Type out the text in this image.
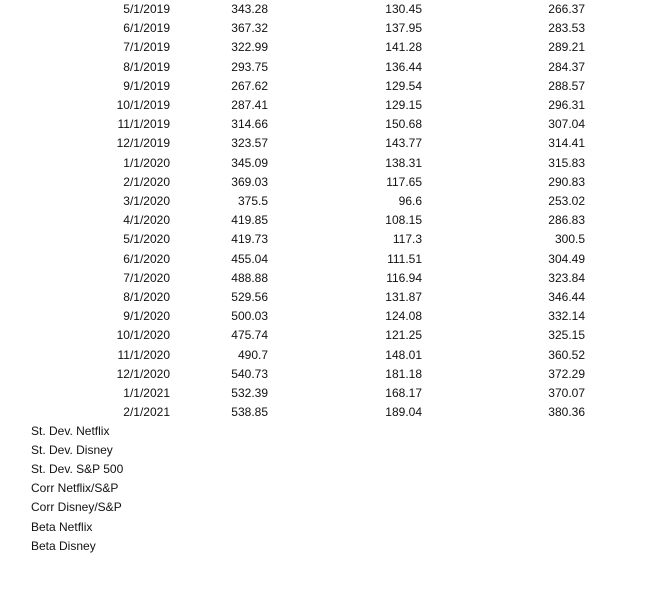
5/1/2019	343.28	130.45	266.37
6/1/2019	367.32	137.95	283.53
7/1/2019	322.99	141.28	289.21
8/1/2019	293.75	136.44	284.37
9/1/2019	267.62	129.54	288.57
10/1/2019	287.41	129.15	296.31
11/1/2019	314.66	150.68	307.04
12/1/2019	323.57	143.77	314.41
1/1/2020	345.09	138.31	315.83
2/1/2020	369.03	117.65	290.83
3/1/2020	375.5	96.6	253.02
4/1/2020	419.85	108.15	286.83
5/1/2020	419.73	117.3	300.5
6/1/2020	455.04	111.51	304.49
7/1/2020	488.88	116.94	323.84
8/1/2020	529.56	131.87	346.44
9/1/2020	500.03	124.08	332.14
10/1/2020	475.74	121.25	325.15
11/1/2020	490.7	148.01	360.52
12/1/2020	540.73	181.18	372.29
1/1/2021	532.39	168.17	370.07
2/1/2021	538.85	189.04	380.36
St. Dev. Netflix
St. Dev. Disney
St. Dev. S&P 500
Corr Netflix/S&P
Corr Disney/S&P
Beta Netflix
Beta Disney
